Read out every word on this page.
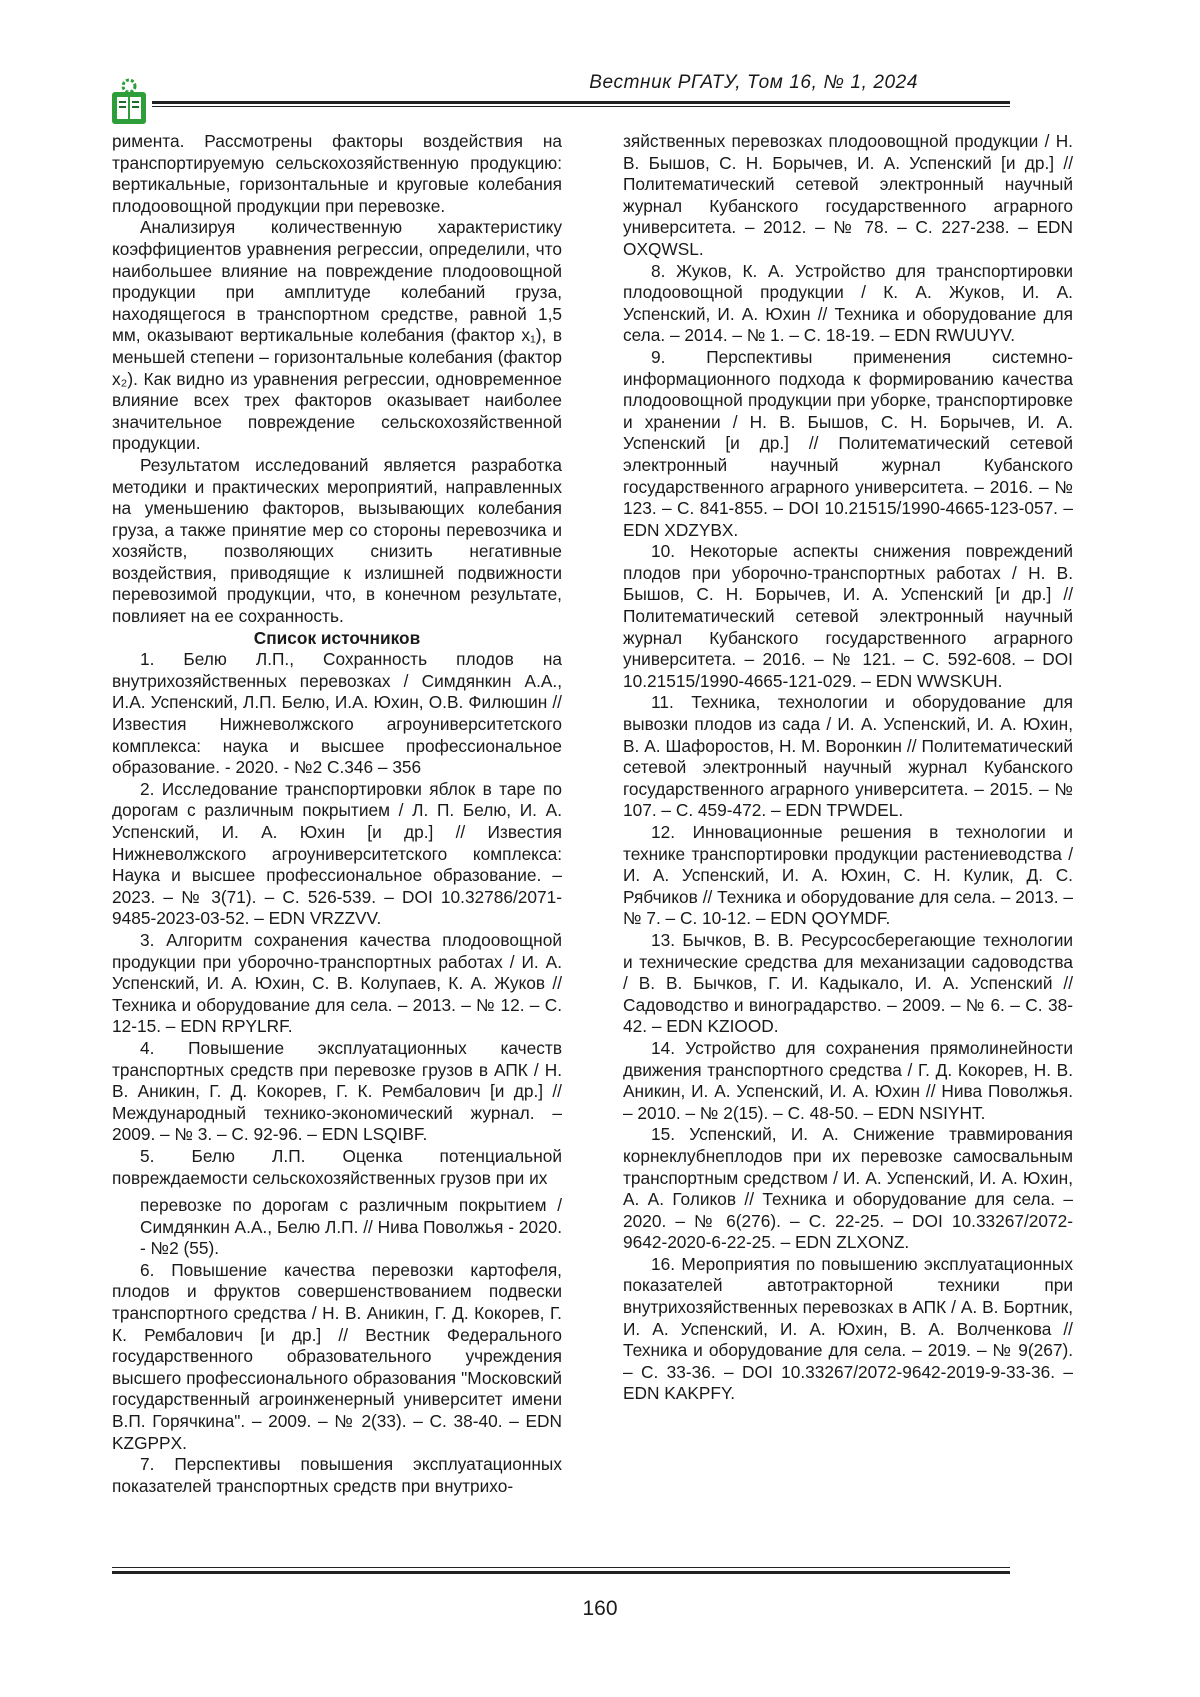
Вестник РГАТУ, Том 16, № 1, 2024

римента. Рассмотрены факторы воздействия на транспортируемую сельскохозяйственную продукцию: вертикальные, горизонтальные и круговые колебания плодоовощной продукции при перевозке.

Анализируя количественную характеристику коэффициентов уравнения регрессии, определили, что наибольшее влияние на повреждение плодоовощной продукции при амплитуде колебаний груза, находящегося в транспортном средстве, равной 1,5 мм, оказывают вертикальные колебания (фактор x₁), в меньшей степени – горизонтальные колебания (фактор x₂). Как видно из уравнения регрессии, одновременное влияние всех трех факторов оказывает наиболее значительное повреждение сельскохозяйственной продукции.

Результатом исследований является разработка методики и практических мероприятий, направленных на уменьшению факторов, вызывающих колебания груза, а также принятие мер со стороны перевозчика и хозяйств, позволяющих снизить негативные воздействия, приводящие к излишней подвижности перевозимой продукции, что, в конечном результате, повлияет на ее сохранность.

Список источников

1. Белю Л.П., Сохранность плодов на внутрихозяйственных перевозках / Симдянкин А.А., И.А. Успенский, Л.П. Белю, И.А. Юхин, О.В. Филюшин // Известия Нижневолжского агроуниверситетского комплекса: наука и высшее профессиональное образование. - 2020. - №2 С.346 – 356

2. Исследование транспортировки яблок в таре по дорогам с различным покрытием / Л. П. Белю, И. А. Успенский, И. А. Юхин [и др.] // Известия Нижневолжского агроуниверситетского комплекса: Наука и высшее профессиональное образование. – 2023. – № 3(71). – С. 526-539. – DOI 10.32786/2071-9485-2023-03-52. – EDN VRZZVV.

3. Алгоритм сохранения качества плодоовощной продукции при уборочно-транспортных работах / И. А. Успенский, И. А. Юхин, С. В. Колупаев, К. А. Жуков // Техника и оборудование для села. – 2013. – № 12. – С. 12-15. – EDN RPYLRF.

4. Повышение эксплуатационных качеств транспортных средств при перевозке грузов в АПК / Н. В. Аникин, Г. Д. Кокорев, Г. К. Рембалович [и др.] // Международный технико-экономический журнал. – 2009. – № 3. – С. 92-96. – EDN LSQIBF.

5. Белю Л.П. Оценка потенциальной повреждаемости сельскохозяйственных грузов при их

перевозке по дорогам с различным покрытием /Симдянкин А.А., Белю Л.П. // Нива Поволжья - 2020. - №2 (55).

6. Повышение качества перевозки картофеля, плодов и фруктов совершенствованием подвески транспортного средства / Н. В. Аникин, Г. Д. Кокорев, Г. К. Рембалович [и др.] // Вестник Федерального государственного образовательного учреждения высшего профессионального образования "Московский государственный агроинженерный университет имени В.П. Горячкина". – 2009. – № 2(33). – С. 38-40. – EDN KZGPPX.

7. Перспективы повышения эксплуатационных показателей транспортных средств при внутрихо-

зяйственных перевозках плодоовощной продукции / Н. В. Бышов, С. Н. Борычев, И. А. Успенский [и др.] // Политематический сетевой электронный научный журнал Кубанского государственного аграрного университета. – 2012. – № 78. – С. 227-238. – EDN OXQWSL.

8. Жуков, К. А. Устройство для транспортировки плодоовощной продукции / К. А. Жуков, И. А. Успенский, И. А. Юхин // Техника и оборудование для села. – 2014. – № 1. – С. 18-19. – EDN RWUUYV.

9. Перспективы применения системно-информационного подхода к формированию качества плодоовощной продукции при уборке, транспортировке и хранении / Н. В. Бышов, С. Н. Борычев, И. А. Успенский [и др.] // Политематический сетевой электронный научный журнал Кубанского государственного аграрного университета. – 2016. – № 123. – С. 841-855. – DOI 10.21515/1990-4665-123-057. – EDN XDZYBX.

10. Некоторые аспекты снижения повреждений плодов при уборочно-транспортных работах / Н. В. Бышов, С. Н. Борычев, И. А. Успенский [и др.] // Политематический сетевой электронный научный журнал Кубанского государственного аграрного университета. – 2016. – № 121. – С. 592-608. – DOI 10.21515/1990-4665-121-029. – EDN WWSKUH.

11. Техника, технологии и оборудование для вывозки плодов из сада / И. А. Успенский, И. А. Юхин, В. А. Шафоростов, Н. М. Воронкин // Политематический сетевой электронный научный журнал Кубанского государственного аграрного университета. – 2015. – № 107. – С. 459-472. – EDN TPWDEL.

12. Инновационные решения в технологии и технике транспортировки продукции растениеводства / И. А. Успенский, И. А. Юхин, С. Н. Кулик, Д. С. Рябчиков // Техника и оборудование для села. – 2013. – № 7. – С. 10-12. – EDN QOYMDF.

13. Бычков, В. В. Ресурсосберегающие технологии и технические средства для механизации садоводства / В. В. Бычков, Г. И. Кадыкало, И. А. Успенский // Садоводство и виноградарство. – 2009. – № 6. – С. 38-42. – EDN KZIOOD.

14. Устройство для сохранения прямолинейности движения транспортного средства / Г. Д. Кокорев, Н. В. Аникин, И. А. Успенский, И. А. Юхин // Нива Поволжья. – 2010. – № 2(15). – С. 48-50. – EDN NSIYHT.

15. Успенский, И. А. Снижение травмирования корнеклубнеплодов при их перевозке самосвальным транспортным средством / И. А. Успенский, И. А. Юхин, А. А. Голиков // Техника и оборудование для села. – 2020. – № 6(276). – С. 22-25. – DOI 10.33267/2072-9642-2020-6-22-25. – EDN ZLXONZ.

16. Мероприятия по повышению эксплуатационных показателей автотракторной техники при внутрихозяйственных перевозках в АПК / А. В. Бортник, И. А. Успенский, И. А. Юхин, В. А. Волченкова // Техника и оборудование для села. – 2019. – № 9(267). – С. 33-36. – DOI 10.33267/2072-9642-2019-9-33-36. – EDN KAKPFY.

160
